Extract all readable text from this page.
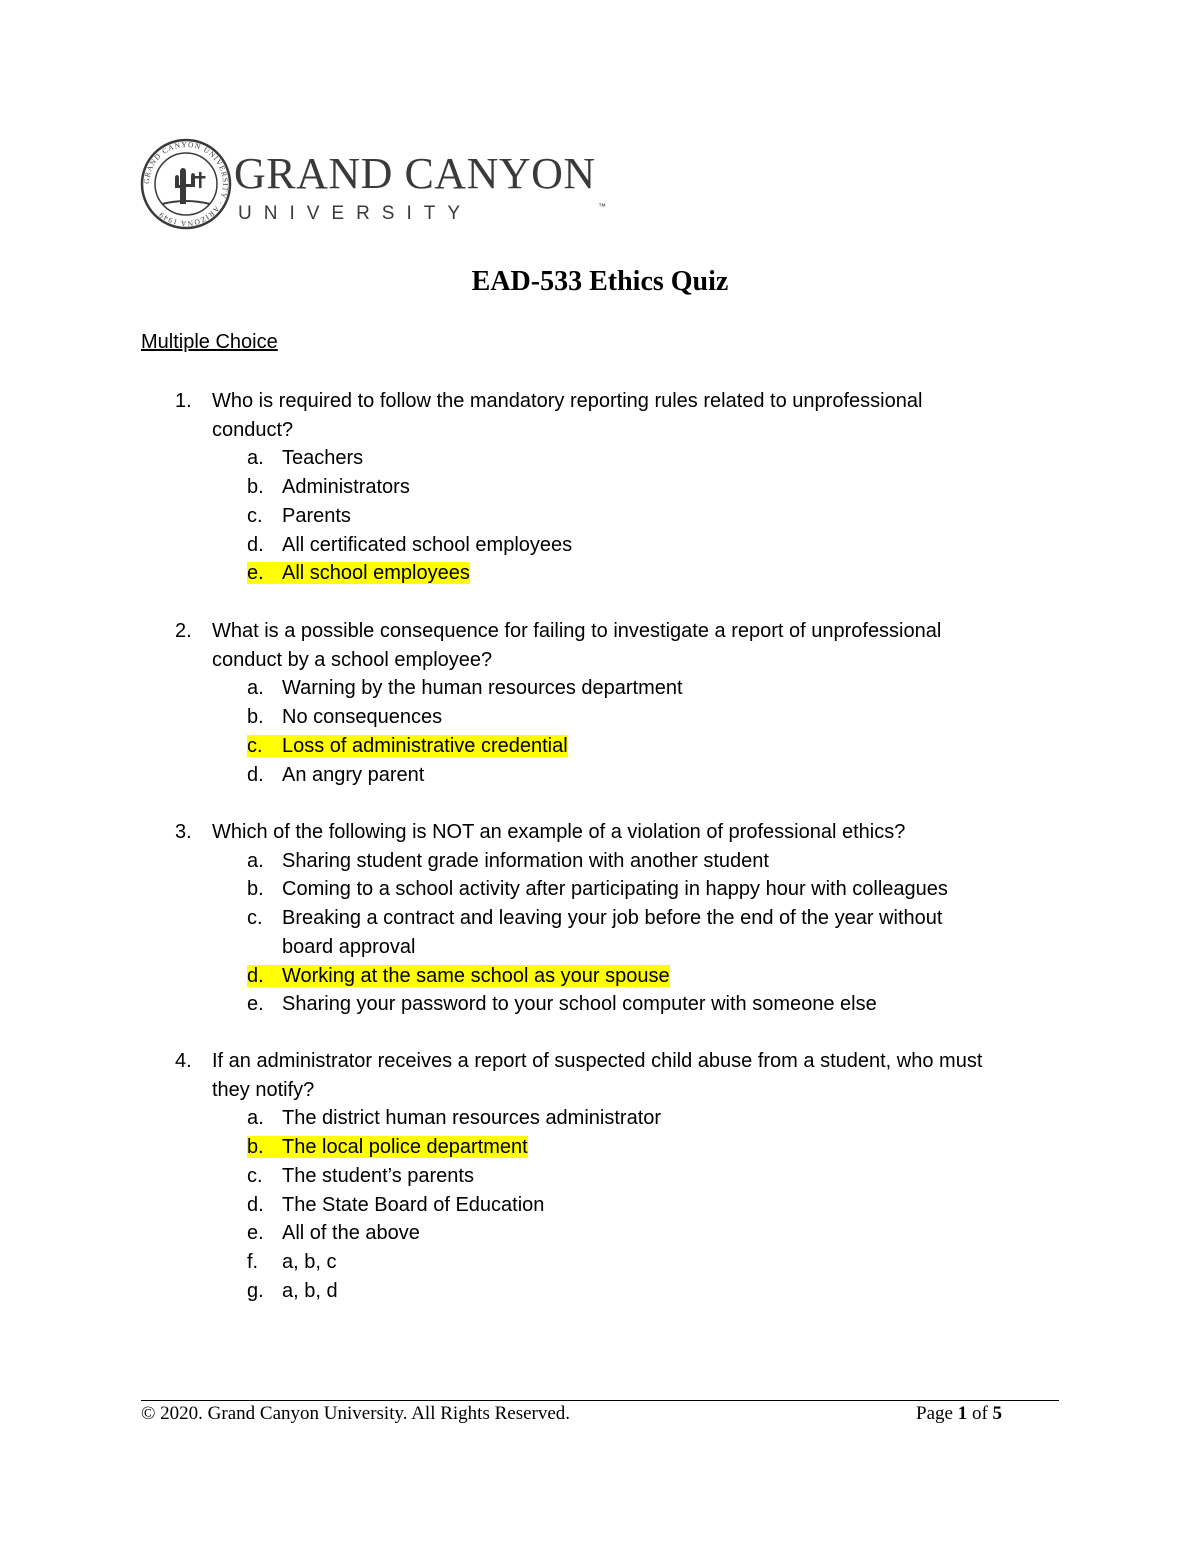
GRAND CANYON UNIVERSITY · ARIZONA 1949
GRAND CANYON
UNIVERSITY	™
EAD-533 Ethics Quiz
Multiple Choice
1. Who is required to follow the mandatory reporting rules related to unprofessional
conduct?
a. Teachers
b. Administrators
c. Parents
d. All certificated school employees
e. All school employees
2. What is a possible consequence for failing to investigate a report of unprofessional
conduct by a school employee?
a. Warning by the human resources department
b. No consequences
c. Loss of administrative credential
d. An angry parent
3. Which of the following is NOT an example of a violation of professional ethics?
a. Sharing student grade information with another student
b. Coming to a school activity after participating in happy hour with colleagues
c. Breaking a contract and leaving your job before the end of the year without
board approval
d. Working at the same school as your spouse
e. Sharing your password to your school computer with someone else
4. If an administrator receives a report of suspected child abuse from a student, who must
they notify?
a. The district human resources administrator
b. The local police department
c. The student’s parents
d. The State Board of Education
e. All of the above
f. a, b, c
g. a, b, d
© 2020. Grand Canyon University. All Rights Reserved.	Page 1 of 5
